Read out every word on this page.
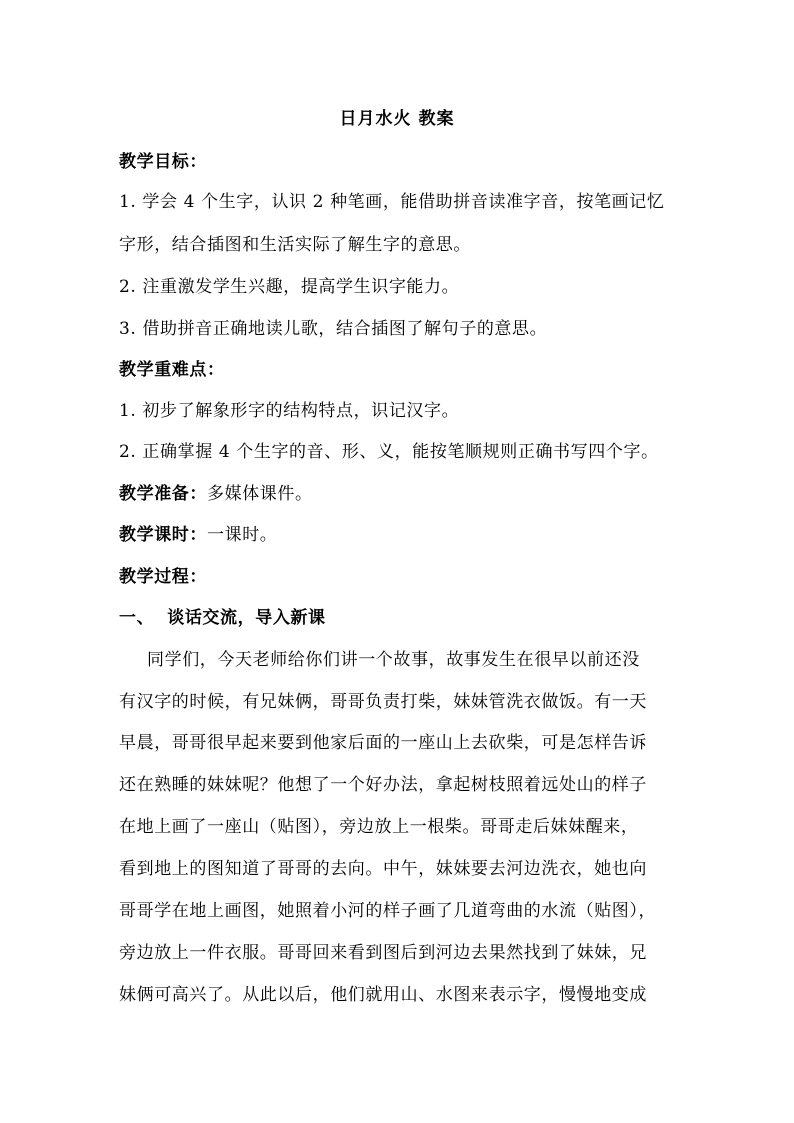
日月水火 教案
教学目标：
1. 学会 4 个生字，认识 2 种笔画，能借助拼音读准字音，按笔画记忆
字形，结合插图和生活实际了解生字的意思。
2. 注重激发学生兴趣，提高学生识字能力。
3. 借助拼音正确地读儿歌，结合插图了解句子的意思。
教学重难点：
1. 初步了解象形字的结构特点，识记汉字。
2. 正确掌握 4 个生字的音、形、义，能按笔顺规则正确书写四个字。
教学准备：多媒体课件。
教学课时：一课时。
教学过程：
一、  谈话交流，导入新课
同学们，今天老师给你们讲一个故事，故事发生在很早以前还没
有汉字的时候，有兄妹俩，哥哥负责打柴，妹妹管洗衣做饭。有一天
早晨，哥哥很早起来要到他家后面的一座山上去砍柴，可是怎样告诉
还在熟睡的妹妹呢？他想了一个好办法，拿起树枝照着远处山的样子
在地上画了一座山（贴图），旁边放上一根柴。哥哥走后妹妹醒来，
看到地上的图知道了哥哥的去向。中午，妹妹要去河边洗衣，她也向
哥哥学在地上画图，她照着小河的样子画了几道弯曲的水流（贴图），
旁边放上一件衣服。哥哥回来看到图后到河边去果然找到了妹妹，兄
妹俩可高兴了。从此以后，他们就用山、水图来表示字，慢慢地变成
